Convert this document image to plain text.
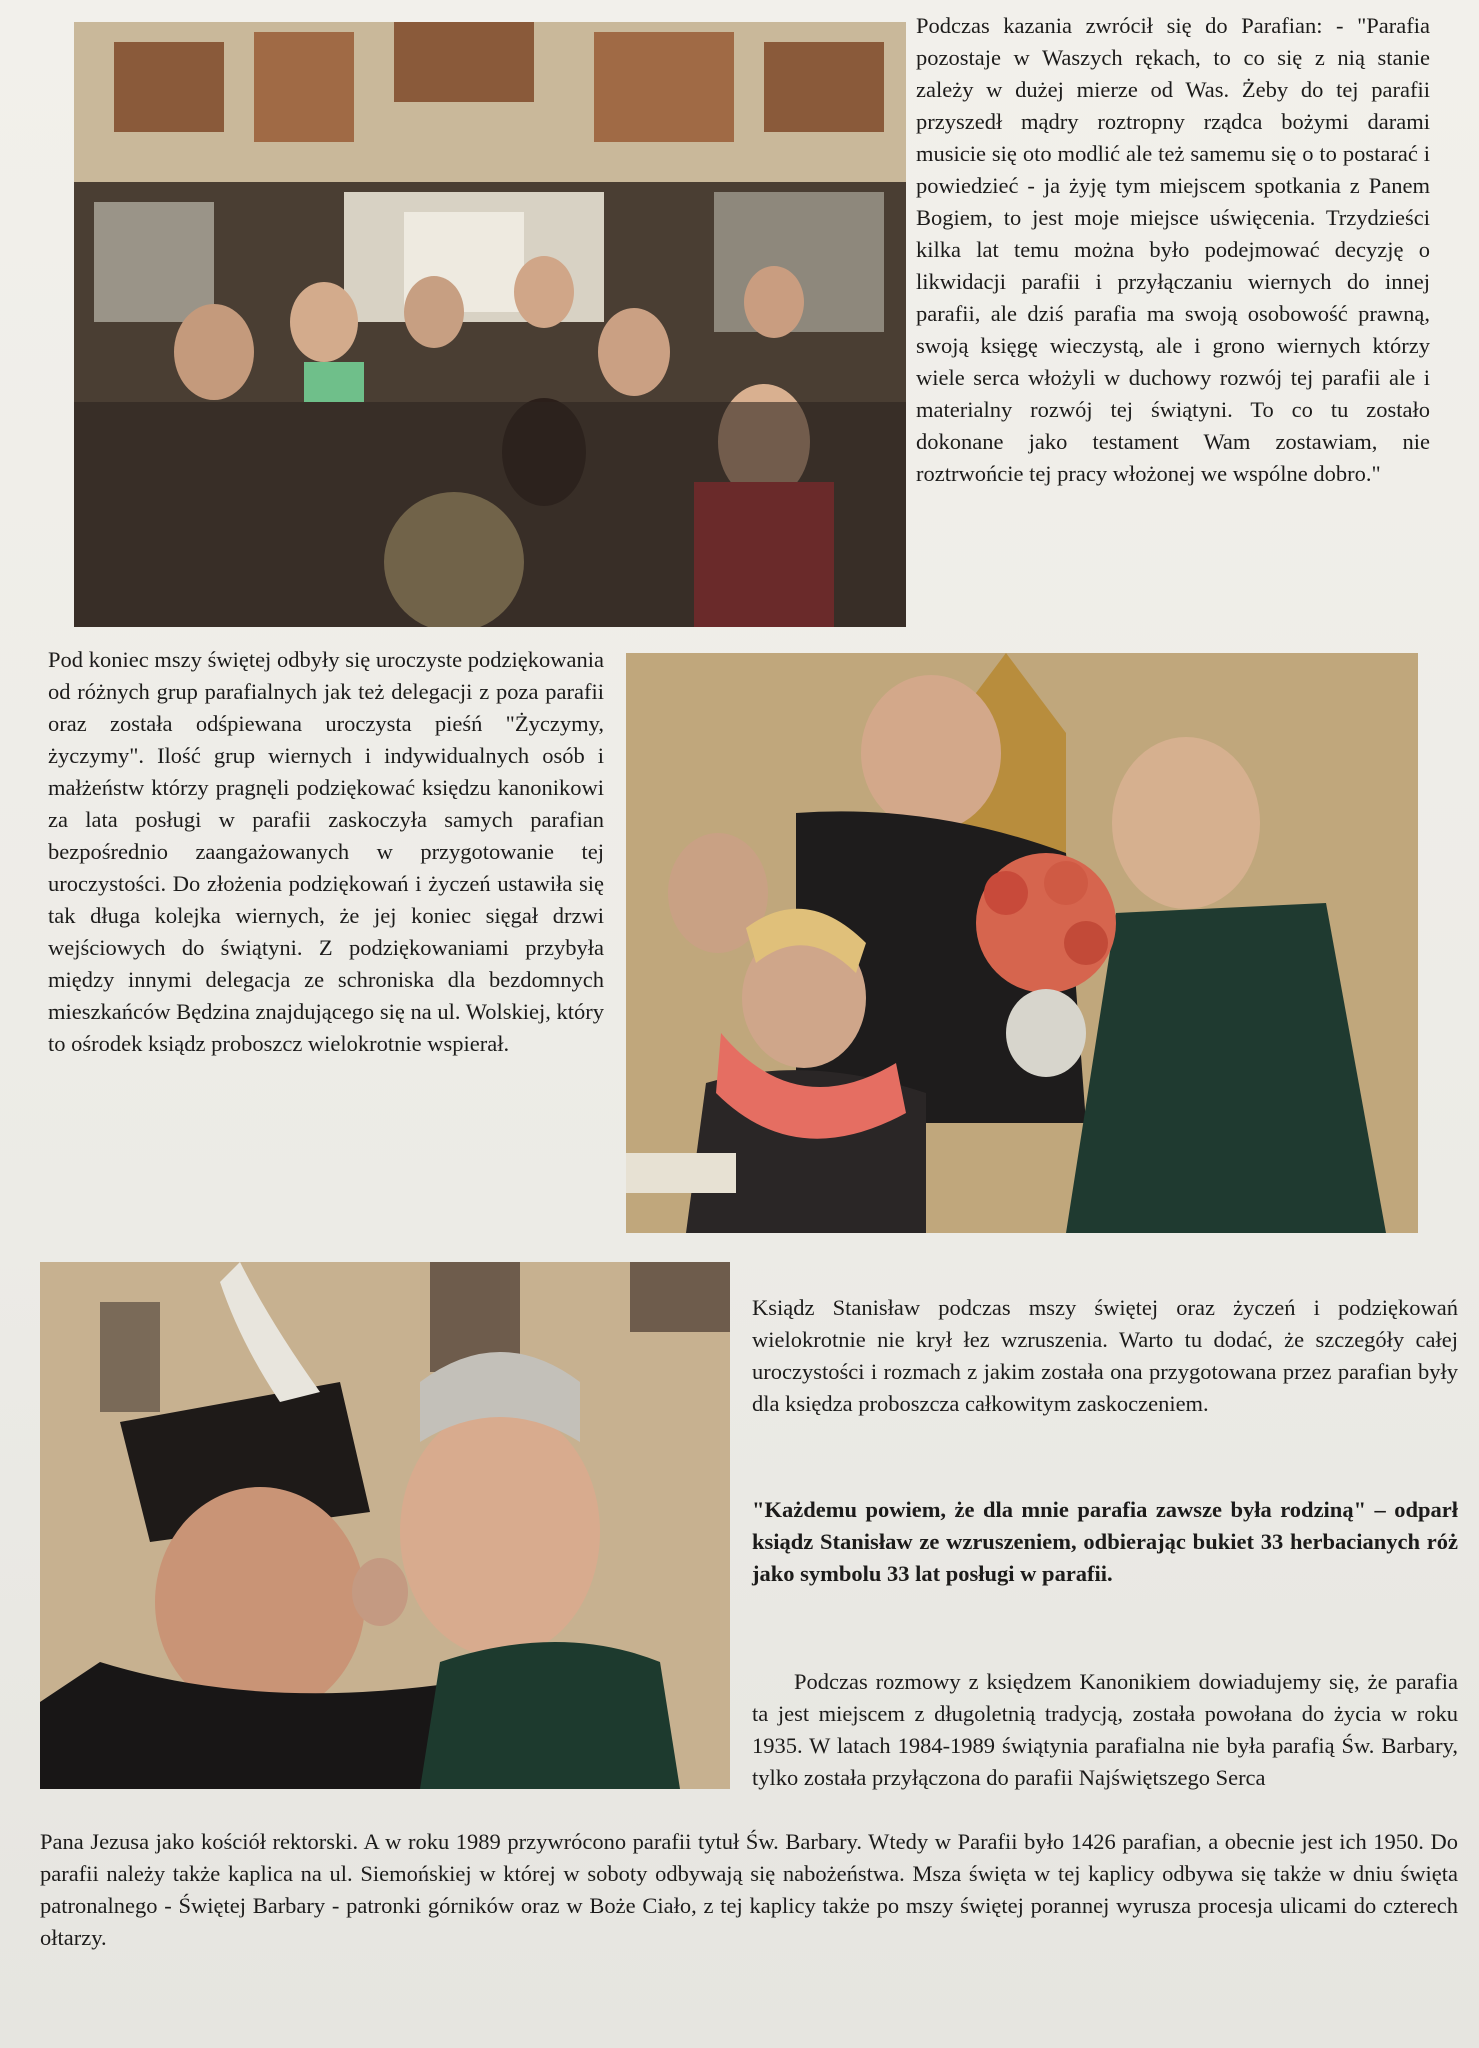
Podczas kazania zwrócił się do Parafian: - "Parafia pozostaje w Waszych rękach, to co się z nią stanie zależy w dużej mierze od Was. Żeby do tej parafii przyszedł mądry roztropny rządca bożymi darami musicie się oto modlić ale też samemu się o to postarać i powiedzieć - ja żyję tym miejscem spotkania z Panem Bogiem, to jest moje miejsce uświęcenia. Trzydzieści kilka lat temu można było podejmować decyzję o likwidacji parafii i przyłączaniu wiernych do innej parafii, ale dziś parafia ma swoją osobowość prawną, swoją księgę wieczystą, ale i grono wiernych którzy wiele serca włożyli w duchowy rozwój tej parafii ale i materialny rozwój tej świątyni. To co tu zostało dokonane jako testament Wam zostawiam, nie roztrwońcie tej pracy włożonej we wspólne dobro."

Pod koniec mszy świętej odbyły się uroczyste podziękowania od różnych grup parafialnych jak też delegacji z poza parafii oraz została odśpiewana uroczysta pieśń "Życzymy, życzymy". Ilość grup wiernych i indywidualnych osób i małżeństw którzy pragnęli podziękować księdzu kanonikowi za lata posługi w parafii zaskoczyła samych parafian bezpośrednio zaangażowanych w przygotowanie tej uroczystości. Do złożenia podziękowań i życzeń ustawiła się tak długa kolejka wiernych, że jej koniec sięgał drzwi wejściowych do świątyni. Z podziękowaniami przybyła między innymi delegacja ze schroniska dla bezdomnych mieszkańców Będzina znajdującego się na ul. Wolskiej, który to ośrodek ksiądz proboszcz wielokrotnie wspierał.

Ksiądz Stanisław podczas mszy świętej oraz życzeń i podziękowań wielokrotnie nie krył łez wzruszenia. Warto tu dodać, że szczegóły całej uroczystości i rozmach z jakim została ona przygotowana przez parafian były dla księdza proboszcza całkowitym zaskoczeniem.

"Każdemu powiem, że dla mnie parafia zawsze była rodziną" – odparł ksiądz Stanisław ze wzruszeniem, odbierając bukiet 33 herbacianych róż jako symbolu 33 lat posługi w parafii.

Podczas rozmowy z księdzem Kanonikiem dowiadujemy się, że parafia ta jest miejscem z długoletnią tradycją, została powołana do życia w roku 1935. W latach 1984-1989 świątynia parafialna nie była parafią Św. Barbary, tylko została przyłączona do parafii Najświętszego Serca

Pana Jezusa jako kościół rektorski. A w roku 1989 przywrócono parafii tytuł Św. Barbary. Wtedy w Parafii było 1426 parafian, a obecnie jest ich 1950. Do parafii należy także kaplica na ul. Siemońskiej w której w soboty odbywają się nabożeństwa. Msza święta w tej kaplicy odbywa się także w dniu święta patronalnego - Świętej Barbary - patronki górników oraz w Boże Ciało, z tej kaplicy także po mszy świętej porannej wyrusza procesja ulicami do czterech ołtarzy.
